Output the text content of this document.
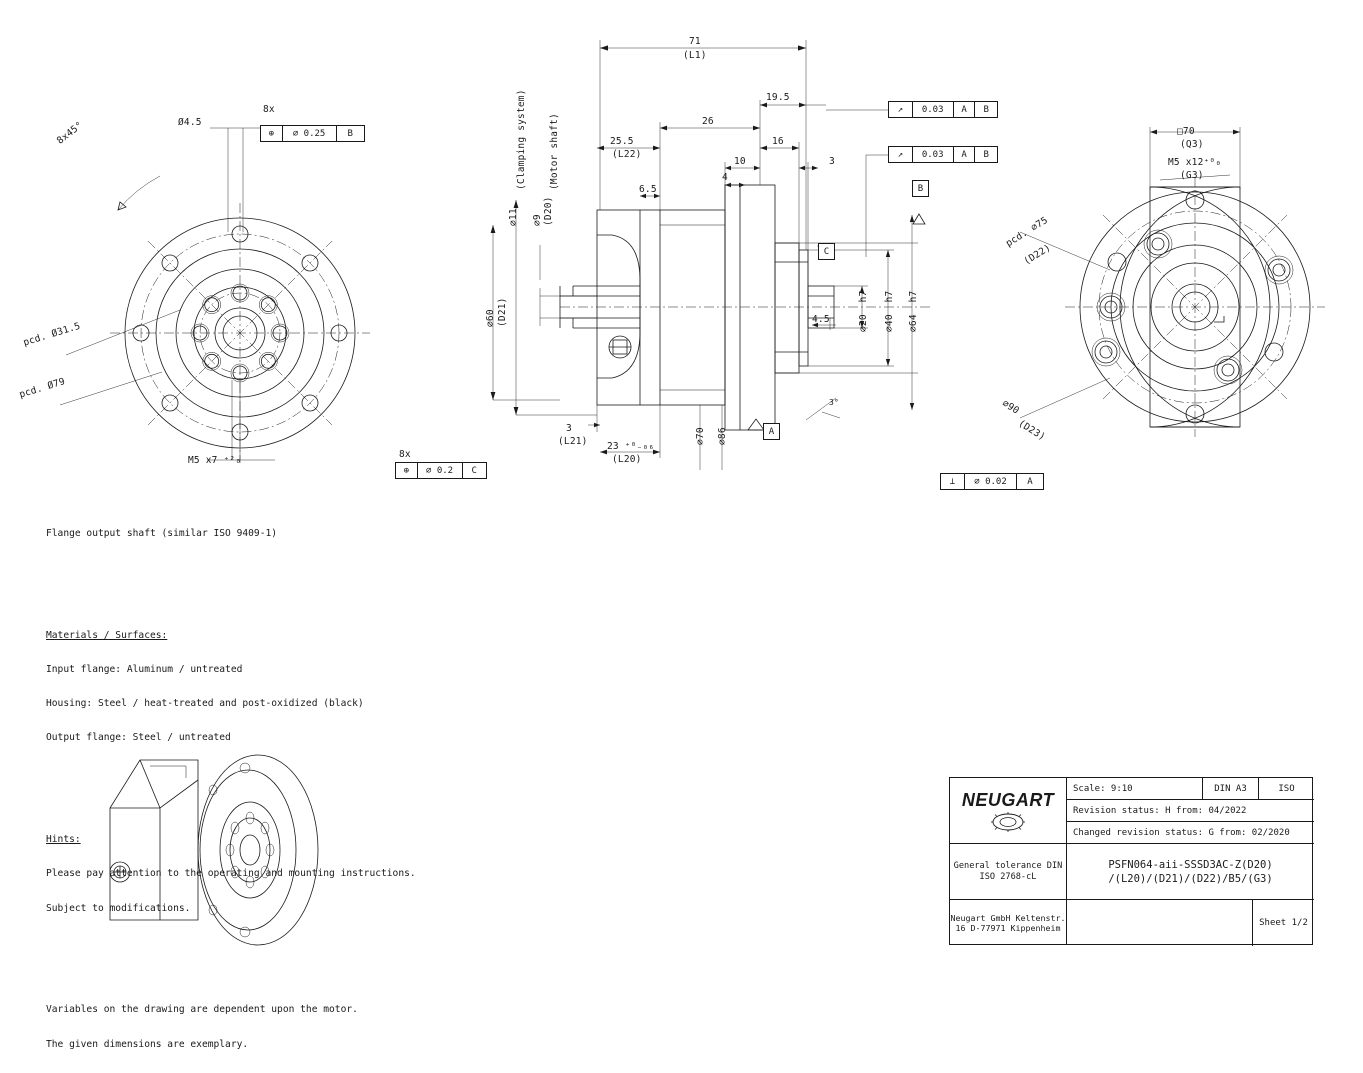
8x
Ø4.5
8x45°
pcd. Ø31.5
pcd. Ø79
M5 x7 ⁺²₀
8x
⊕	⌀ 0.25	B
⊕	⌀ 0.2	C
71
(L1)
19.5
26
16
3
25.5
(L22)
10
4
6.5
(Clamping system) (Motor shaft)
⌀11 ⌀9 (D20)
⌀60 (D21)
3
(L21) 23 ⁺⁰₋₀₆
(L20)
⌀70 ⌀86
4.5	⌀20  h7 ⌀40  h7 ⌀64  h7
3°
A
B
C
↗	0.03	A	B
↗	0.03	A	B
⊥	⌀ 0.02	A
□70
(Q3)
M5 x12⁺⁰₀
(G3)
pcd. ⌀75
(D22)
⌀90
(D23)

Flange output shaft (similar ISO 9409-1)

Materials / Surfaces:

Input flange: Aluminum / untreated

Housing: Steel / heat-treated and post-oxidized (black)

Output flange: Steel / untreated

Hints:

Please pay attention to the operating and mounting instructions.

Subject to modifications.

Variables on the drawing are dependent upon the motor.

The given dimensions are exemplary.

NEUGART
General tolerance DIN ISO 2768-cL
Neugart GmbH Keltenstr. 16 D-77971 Kippenheim
Scale: 9:10	DIN A3	ISO
Revision status: H from: 04/2022
Changed revision status: G from: 02/2020
PSFN064-aii-SSSD3AC-Z(D20)
/(L20)/(D21)/(D22)/B5/(G3)
Sheet 1/2
